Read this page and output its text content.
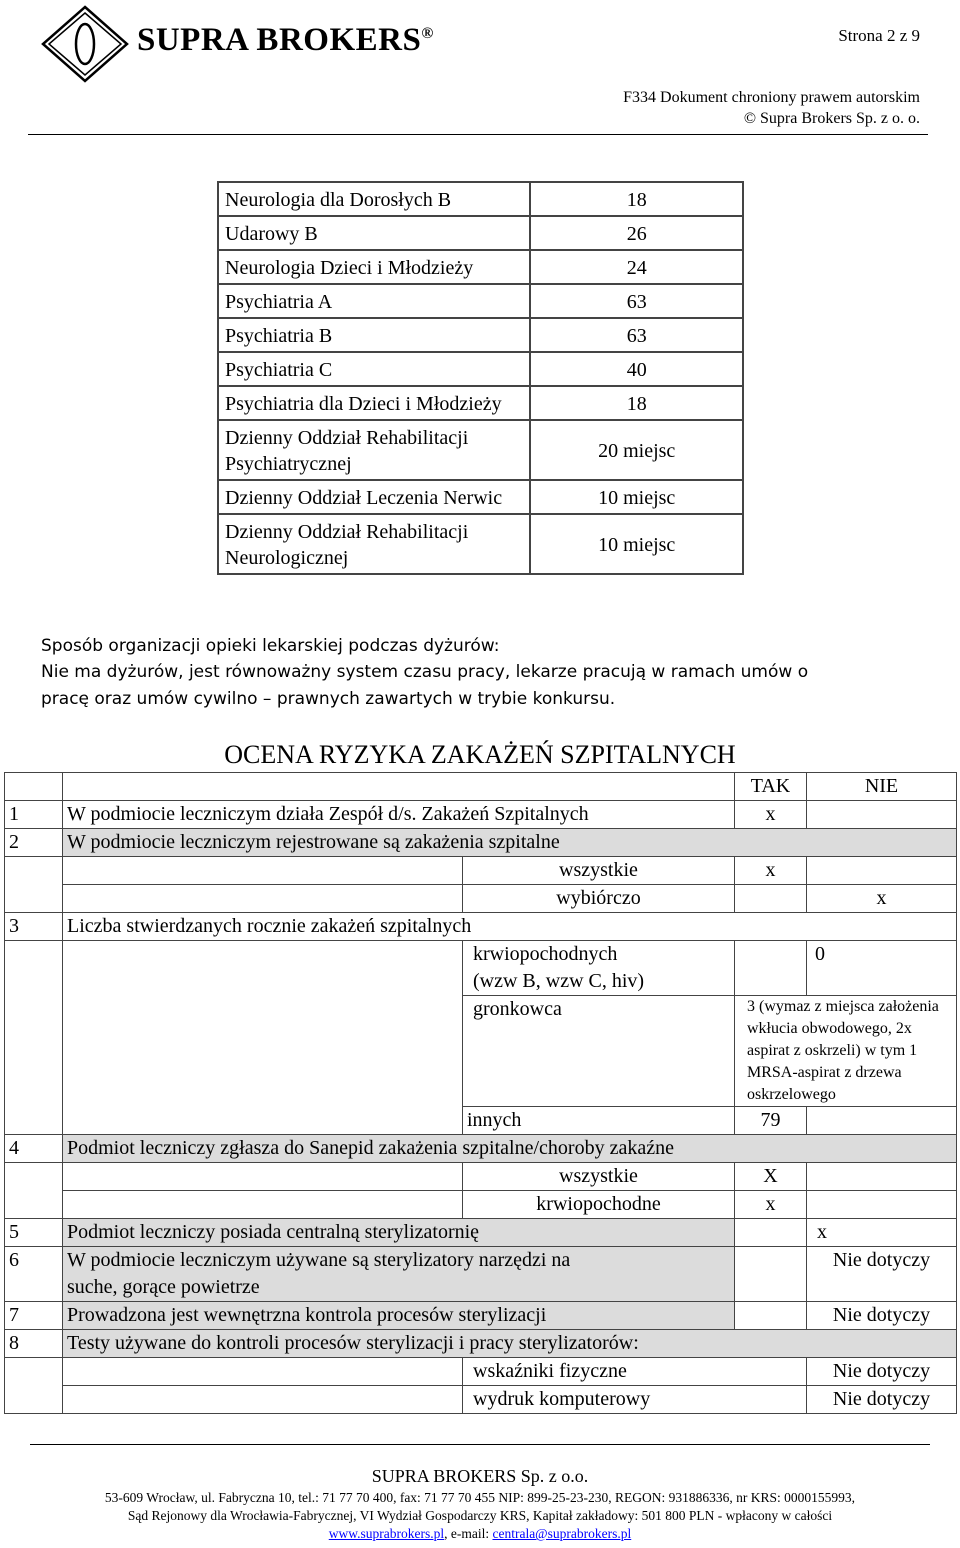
SUPRA BROKERS®	Strona 2 z 9
F334 Dokument chroniony prawem autorskim
© Supra Brokers Sp. z o. o.
Neurologia dla Dorosłych B	18
Udarowy B	26
Neurologia Dzieci i Młodzieży	24
Psychiatria A	63
Psychiatria B	63
Psychiatria C	40
Psychiatria dla Dzieci i Młodzieży	18
Dzienny Oddział Rehabilitacji Psychiatrycznej	20 miejsc
Dzienny Oddział Leczenia Nerwic	10 miejsc
Dzienny Oddział Rehabilitacji Neurologicznej	10 miejsc
Sposób organizacji opieki lekarskiej podczas dyżurów:
Nie ma dyżurów, jest równoważny system czasu pracy, lekarze pracują w ramach umów o
pracę oraz umów cywilno – prawnych zawartych w trybie konkursu.
OCENA RYZYKA ZAKAŻEŃ SZPITALNYCH
			TAK	NIE
1	W podmiocie leczniczym działa Zespół d/s. Zakażeń Szpitalnych		x	
2	W podmiocie leczniczym rejestrowane są zakażenia szpitalne			
		wszystkie	x	
		wybiórczo		x
3	Liczba stwierdzanych rocznie zakażeń szpitalnych			

		krwiopochodnych
(wzw B, wzw C, hiv)		0
		gronkowca	3 (wymaz z miejsca założenia wkłucia obwodowego, 2x aspirat z oskrzeli) w tym 1 MRSA-aspirat z drzewa oskrzelowego	

		innych	79	
4	Podmiot leczniczy zgłasza do Sanepid zakażenia szpitalne/choroby zakaźne			
		wszystkie	X	
		krwiopochodne	x	
5	Podmiot leczniczy posiada centralną sterylizatornię			x
6	W podmiocie leczniczym używane są sterylizatory narzędzi na
suche, gorące powietrze			Nie dotyczy
7	Prowadzona jest wewnętrzna kontrola procesów sterylizacji			Nie dotyczy
8	Testy używane do kontroli procesów sterylizacji i pracy sterylizatorów:			
		wskaźniki fizyczne		Nie dotyczy
		wydruk komputerowy		Nie dotyczy
SUPRA BROKERS Sp. z o.o.
53-609 Wrocław, ul. Fabryczna 10, tel.: 71 77 70 400, fax: 71 77 70 455 NIP: 899-25-23-230, REGON: 931886336, nr KRS: 0000155993,
Sąd Rejonowy dla Wrocławia-Fabrycznej, VI Wydział Gospodarczy KRS, Kapitał zakładowy: 501 800 PLN - wpłacony w całości
www.suprabrokers.pl, e-mail: centrala@suprabrokers.pl
